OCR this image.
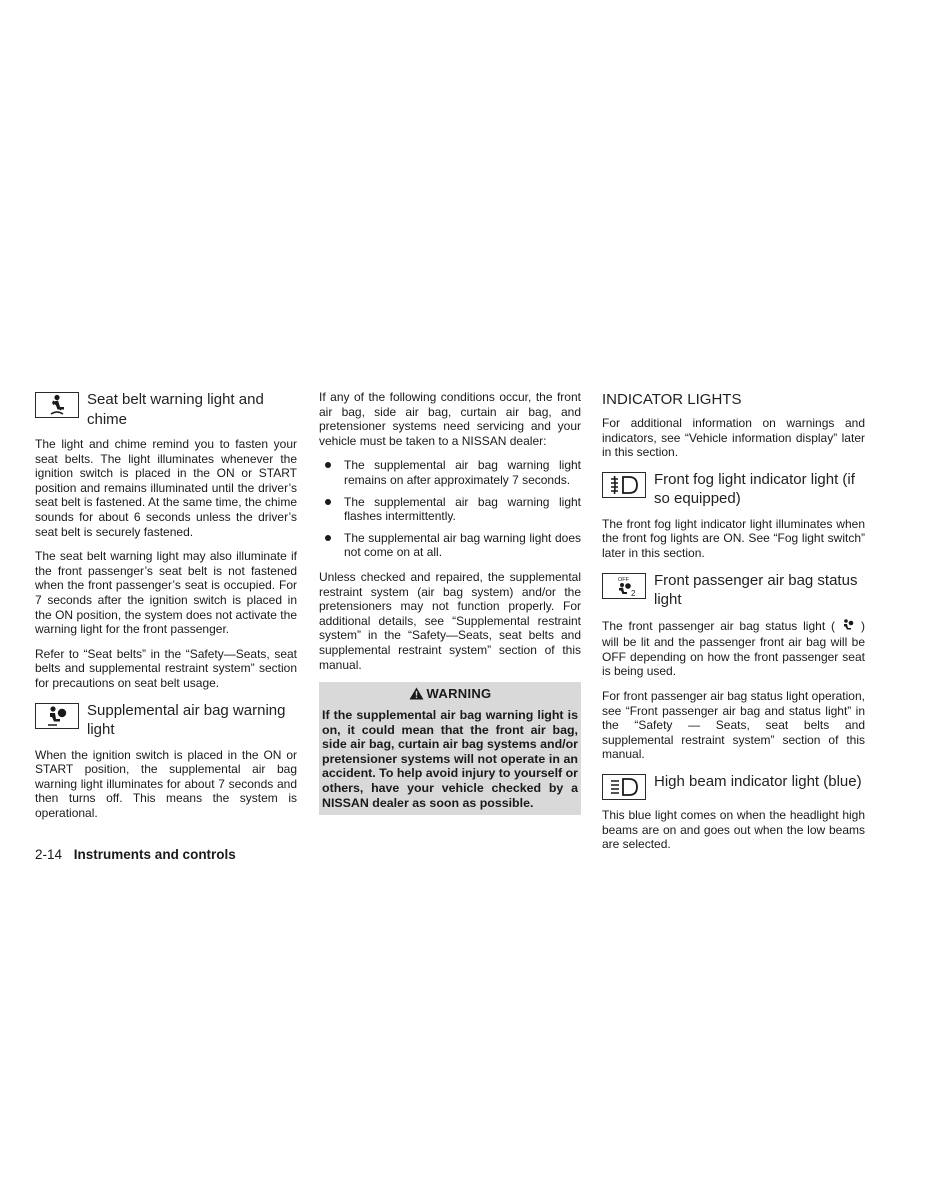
Seat belt warning light and chime

The light and chime remind you to fasten your seat belts. The light illuminates whenever the ignition switch is placed in the ON or START position and remains illuminated until the driver’s seat belt is fastened. At the same time, the chime sounds for about 6 seconds unless the driver’s seat belt is securely fastened.

The seat belt warning light may also illuminate if the front passenger’s seat belt is not fastened when the front passenger’s seat is occupied. For 7 seconds after the ignition switch is placed in the ON position, the system does not activate the warning light for the front passenger.

Refer to “Seat belts” in the “Safety—Seats, seat belts and supplemental restraint system” section for precautions on seat belt usage.

Supplemental air bag warning light

When the ignition switch is placed in the ON or START position, the supplemental air bag warning light illuminates for about 7 seconds and then turns off. This means the system is operational.

If any of the following conditions occur, the front air bag, side air bag, curtain air bag, and pretensioner systems need servicing and your vehicle must be taken to a NISSAN dealer:

The supplemental air bag warning light remains on after approximately 7 seconds.
The supplemental air bag warning light flashes intermittently.
The supplemental air bag warning light does not come on at all.

Unless checked and repaired, the supplemental restraint system (air bag system) and/or the pretensioners may not function properly. For additional details, see “Supplemental restraint system” in the “Safety—Seats, seat belts and supplemental restraint system” section of this manual.

WARNING

If the supplemental air bag warning light is on, it could mean that the front air bag, side air bag, curtain air bag systems and/or pretensioner systems will not operate in an accident. To help avoid injury to yourself or others, have your vehicle checked by a NISSAN dealer as soon as possible.

INDICATOR LIGHTS

For additional information on warnings and indicators, see “Vehicle information display” later in this section.

Front fog light indicator light (if so equipped)

The front fog light indicator light illuminates when the front fog lights are ON. See “Fog light switch” later in this section.

OFF
2
Front passenger air bag status light

The front passenger air bag status light ( ) will be lit and the passenger front air bag will be OFF depending on how the front passenger seat is being used.

For front passenger air bag status light operation, see “Front passenger air bag and status light” in the “Safety — Seats, seat belts and supplemental restraint system” section of this manual.

High beam indicator light (blue)

This blue light comes on when the headlight high beams are on and goes out when the low beams are selected.

2-14 Instruments and controls
